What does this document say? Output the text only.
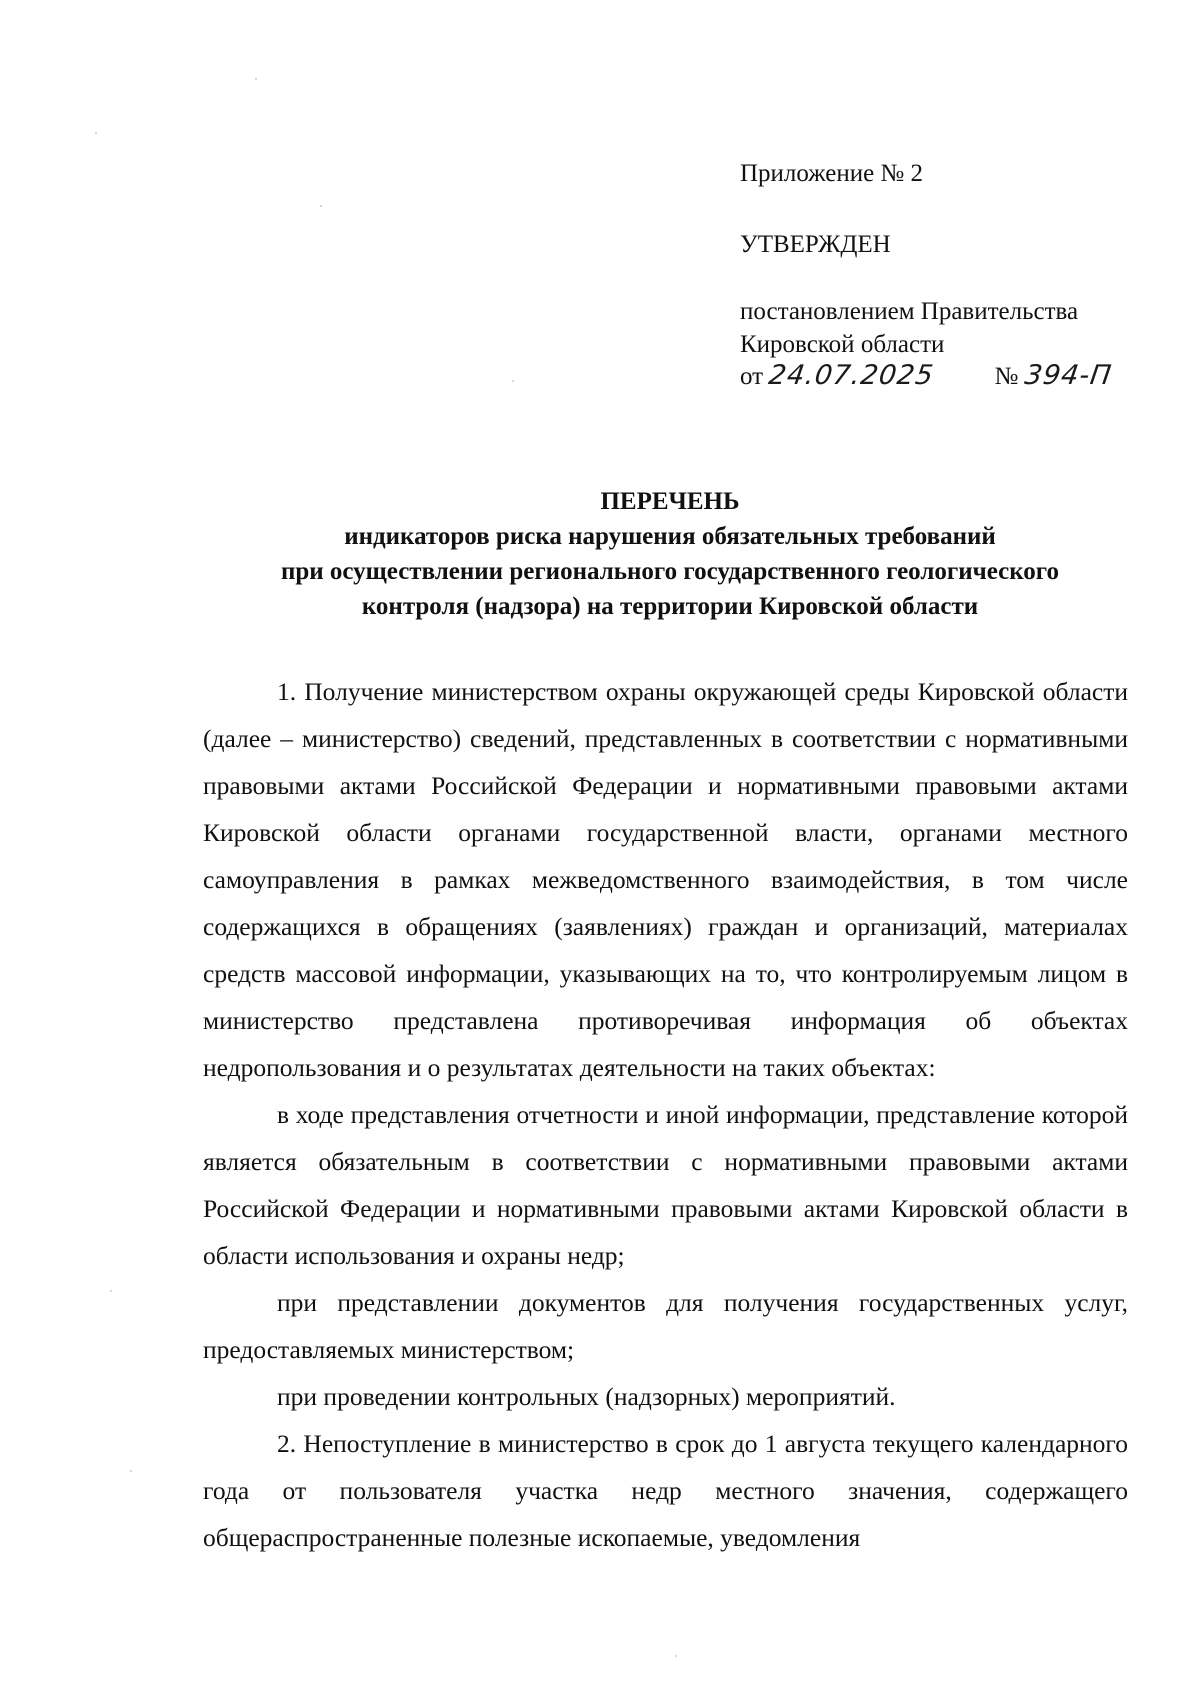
Приложение № 2
УТВЕРЖДЕН
постановлением Правительства
Кировской области
от 24.07.2025 № 394-П
ПЕРЕЧЕНЬ
индикаторов риска нарушения обязательных требований
при осуществлении регионального государственного геологического
контроля (надзора) на территории Кировской области

1. Получение министерством охраны окружающей среды Кировской области (далее – министерство) сведений, представленных в соответствии с нормативными правовыми актами Российской Федерации и нормативными правовыми актами Кировской области органами государственной власти, органами местного самоуправления в рамках межведомственного взаимодействия, в том числе содержащихся в обращениях (заявлениях) граждан и организаций, материалах средств массовой информации, указывающих на то, что контролируемым лицом в министерство представлена противоречивая информация об объектах недропользования и о результатах деятельности на таких объектах:

в ходе представления отчетности и иной информации, представление которой является обязательным в соответствии с нормативными правовыми актами Российской Федерации и нормативными правовыми актами Кировской области в области использования и охраны недр;

при представлении документов для получения государственных услуг, предоставляемых министерством;

при проведении контрольных (надзорных) мероприятий.

2. Непоступление в министерство в срок до 1 августа текущего календарного года от пользователя участка недр местного значения, содержащего общераспространенные полезные ископаемые, уведомления
